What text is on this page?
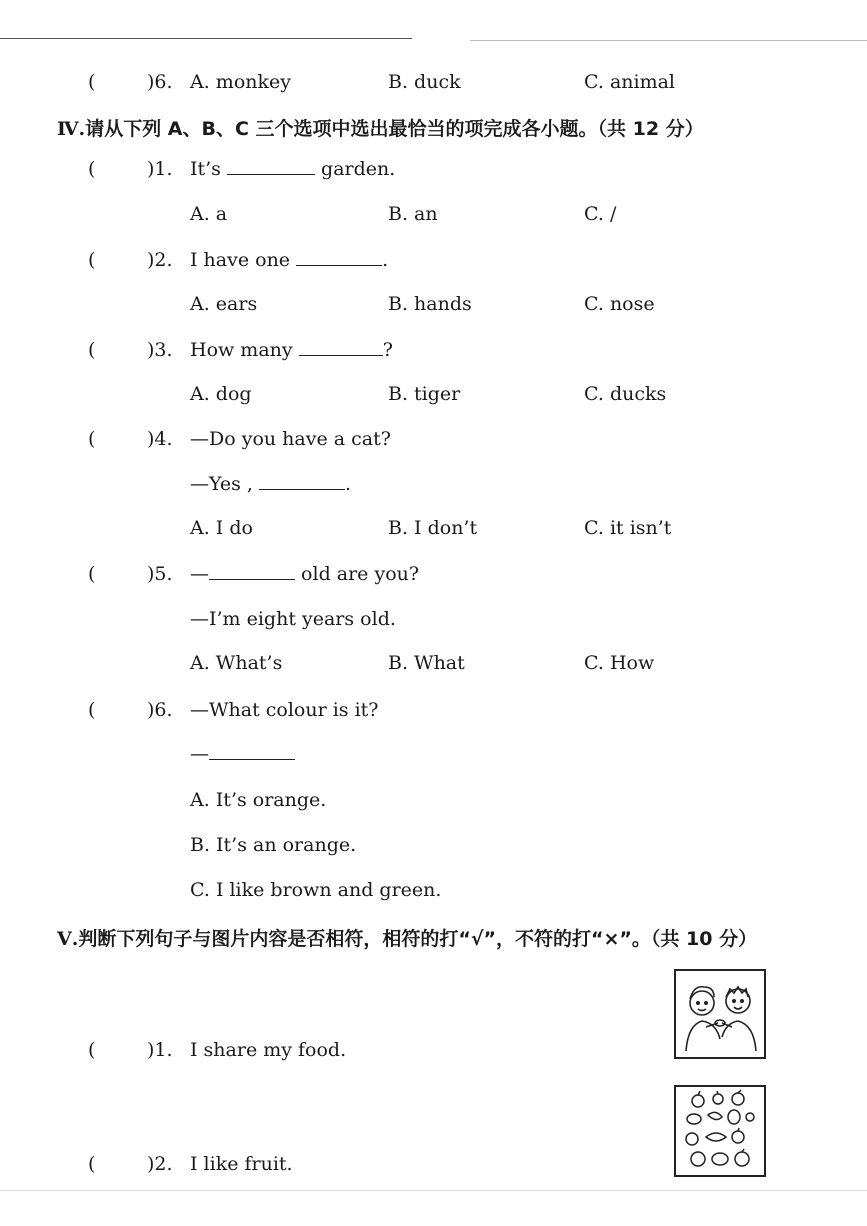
(	)6. A. monkey	B. duck	C. animal
Ⅳ.请从下列 A、B、C 三个选项中选出最恰当的项完成各小题。（共 12 分）
(	)1. It’s	garden.
A. a	B. an	C. /
(	)2. I have one	.
A. ears	B. hands	C. nose
(	)3. How many	?
A. dog	B. tiger	C. ducks
(	)4. —Do you have a cat?
—Yes ,	.
A. I do	B. I don’t	C. it isn’t
(	)5. —	old are you?
—I’m eight years old.
A. What’s	B. What	C. How
(	)6. —What colour is it?
—
A. It’s orange.
B. It’s an orange.
C. I like brown and green.
Ⅴ.判断下列句子与图片内容是否相符，相符的打“√”，不符的打“×”。（共 10 分）
(	)1. I share my food.
(	)2. I like fruit.
